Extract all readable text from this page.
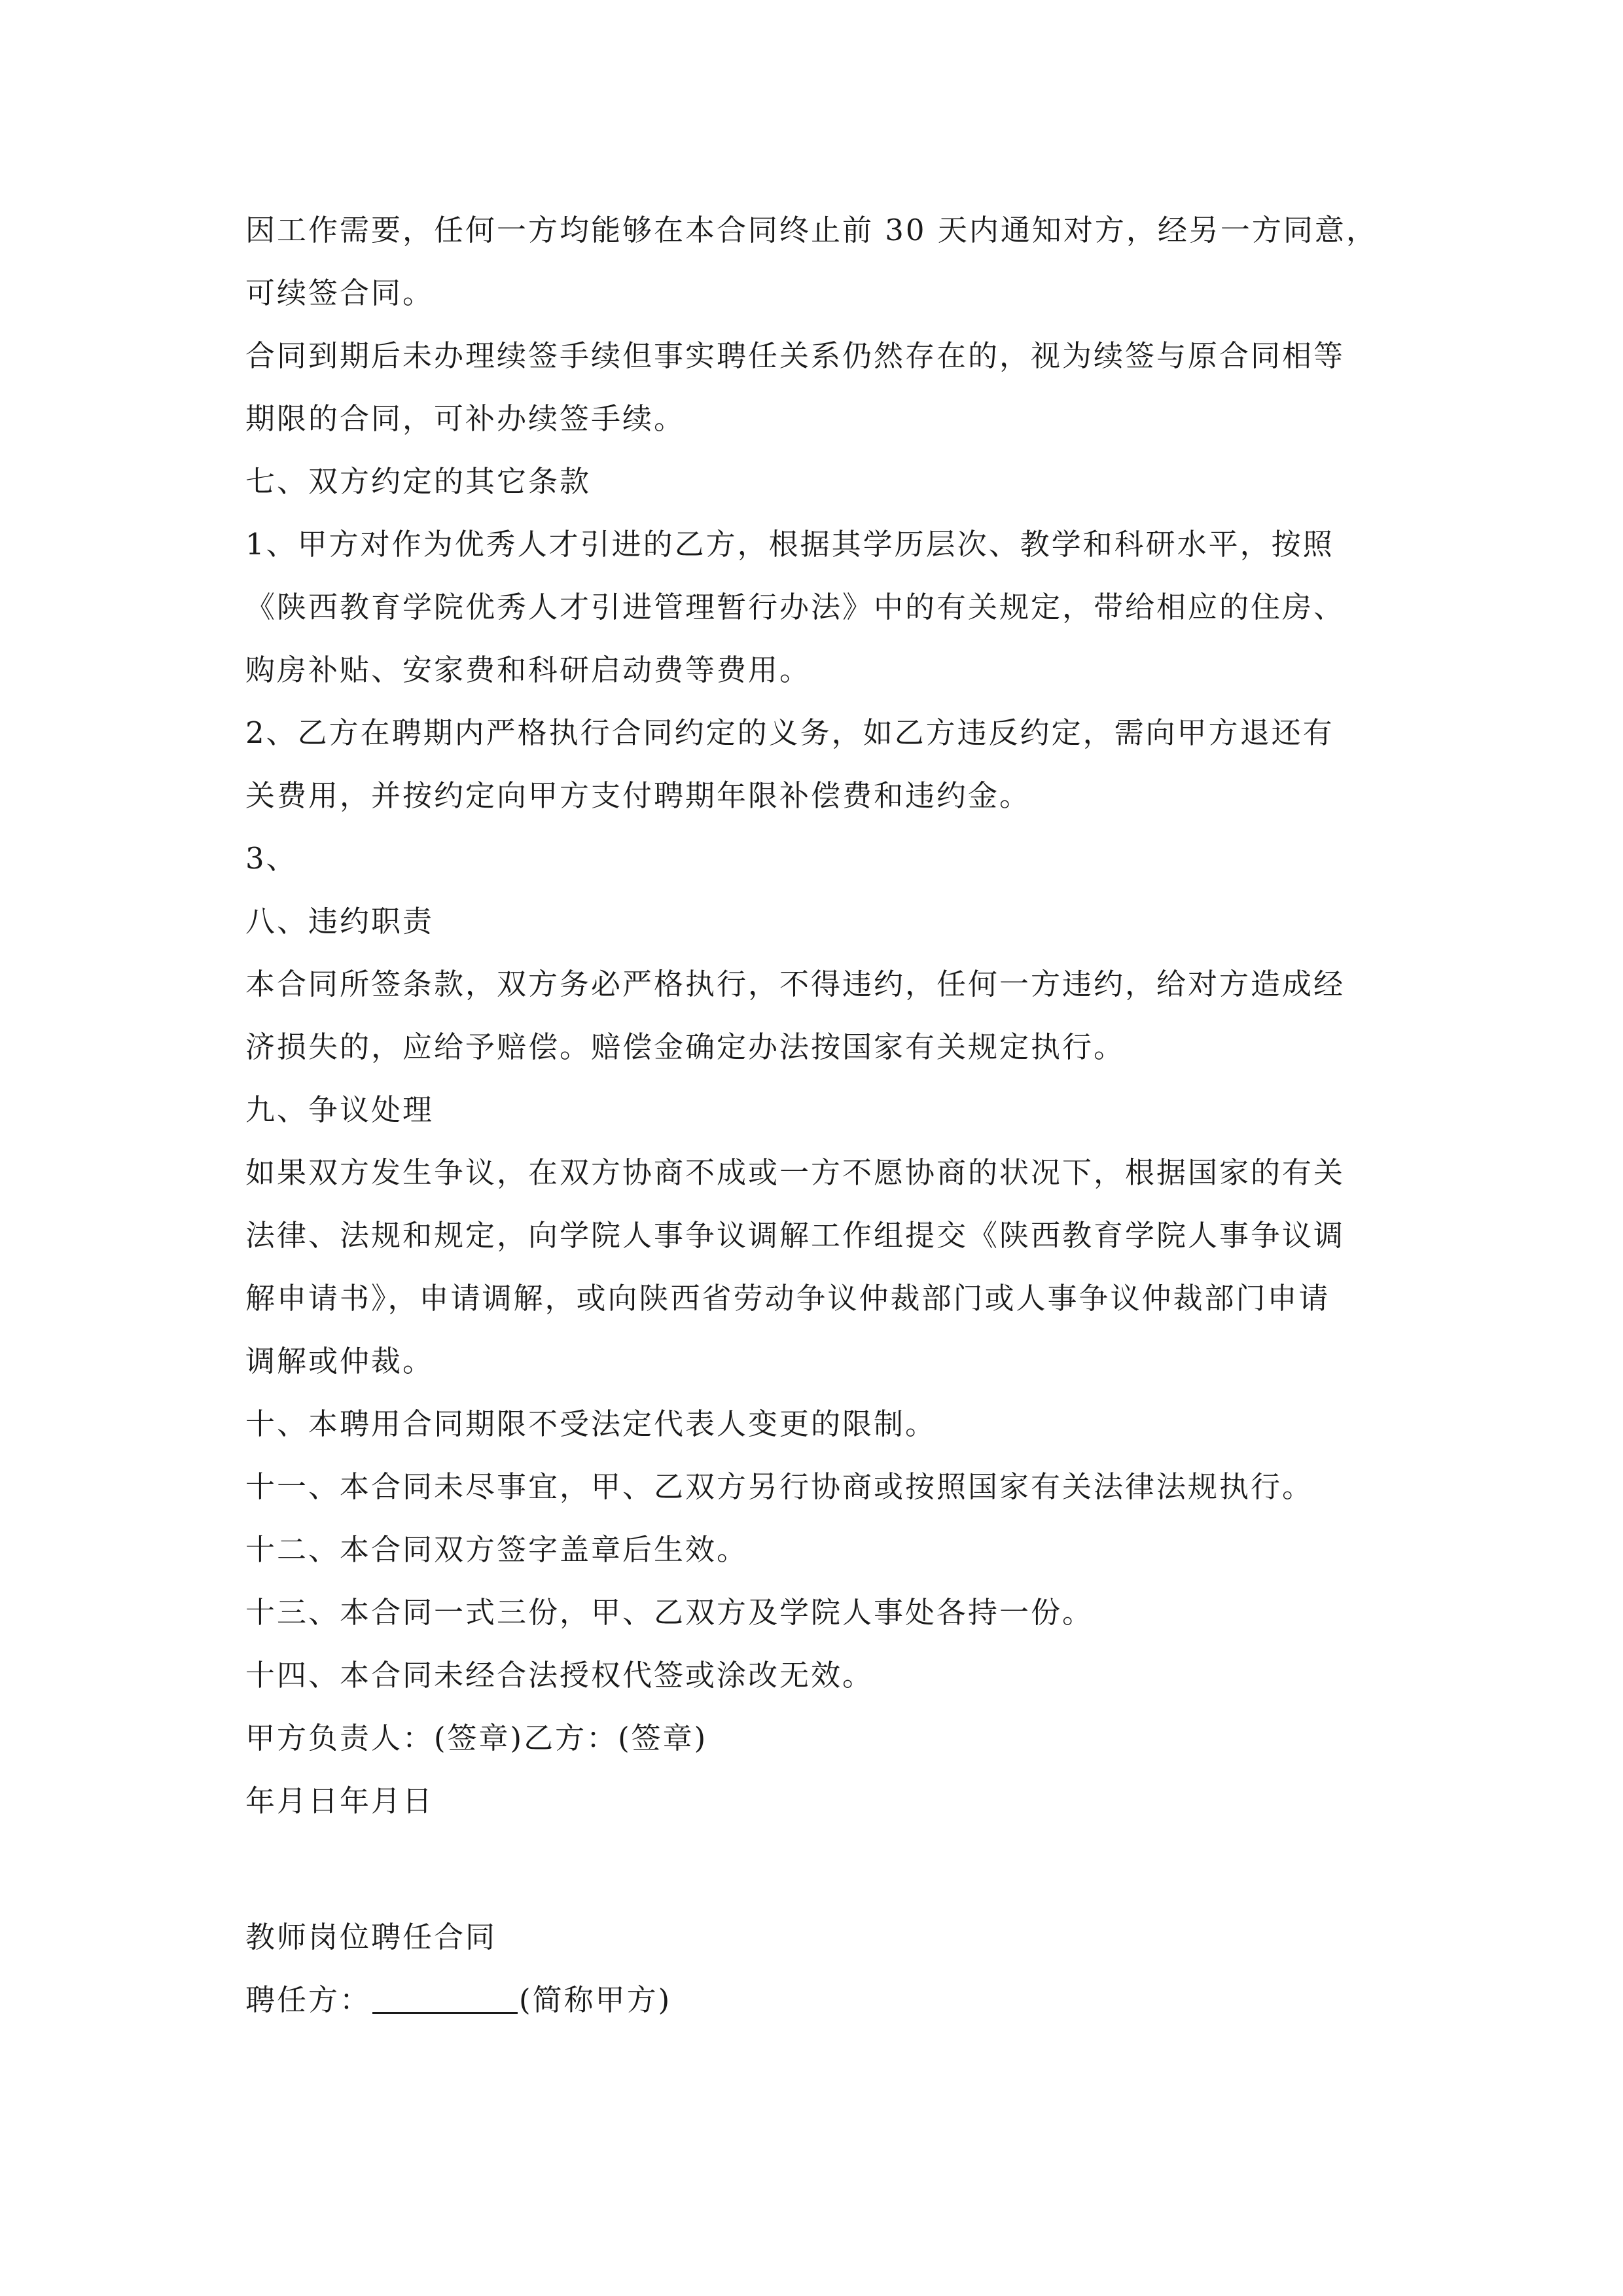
因工作需要，任何一方均能够在本合同终止前 30 天内通知对方，经另一方同意，
可续签合同。
合同到期后未办理续签手续但事实聘任关系仍然存在的，视为续签与原合同相等
期限的合同，可补办续签手续。
七、双方约定的其它条款
1、甲方对作为优秀人才引进的乙方，根据其学历层次、教学和科研水平，按照
《陕西教育学院优秀人才引进管理暂行办法》中的有关规定，带给相应的住房、
购房补贴、安家费和科研启动费等费用。
2、乙方在聘期内严格执行合同约定的义务，如乙方违反约定，需向甲方退还有
关费用，并按约定向甲方支付聘期年限补偿费和违约金。
3、
八、违约职责
本合同所签条款，双方务必严格执行，不得违约，任何一方违约，给对方造成经
济损失的，应给予赔偿。赔偿金确定办法按国家有关规定执行。
九、争议处理
如果双方发生争议，在双方协商不成或一方不愿协商的状况下，根据国家的有关
法律、法规和规定，向学院人事争议调解工作组提交《陕西教育学院人事争议调
解申请书》，申请调解，或向陕西省劳动争议仲裁部门或人事争议仲裁部门申请
调解或仲裁。
十、本聘用合同期限不受法定代表人变更的限制。
十一、本合同未尽事宜，甲、乙双方另行协商或按照国家有关法律法规执行。
十二、本合同双方签字盖章后生效。
十三、本合同一式三份，甲、乙双方及学院人事处各持一份。
十四、本合同未经合法授权代签或涂改无效。
甲方负责人：(签章)乙方：(签章)
年月日年月日
教师岗位聘任合同
聘任方：	(简称甲方)
